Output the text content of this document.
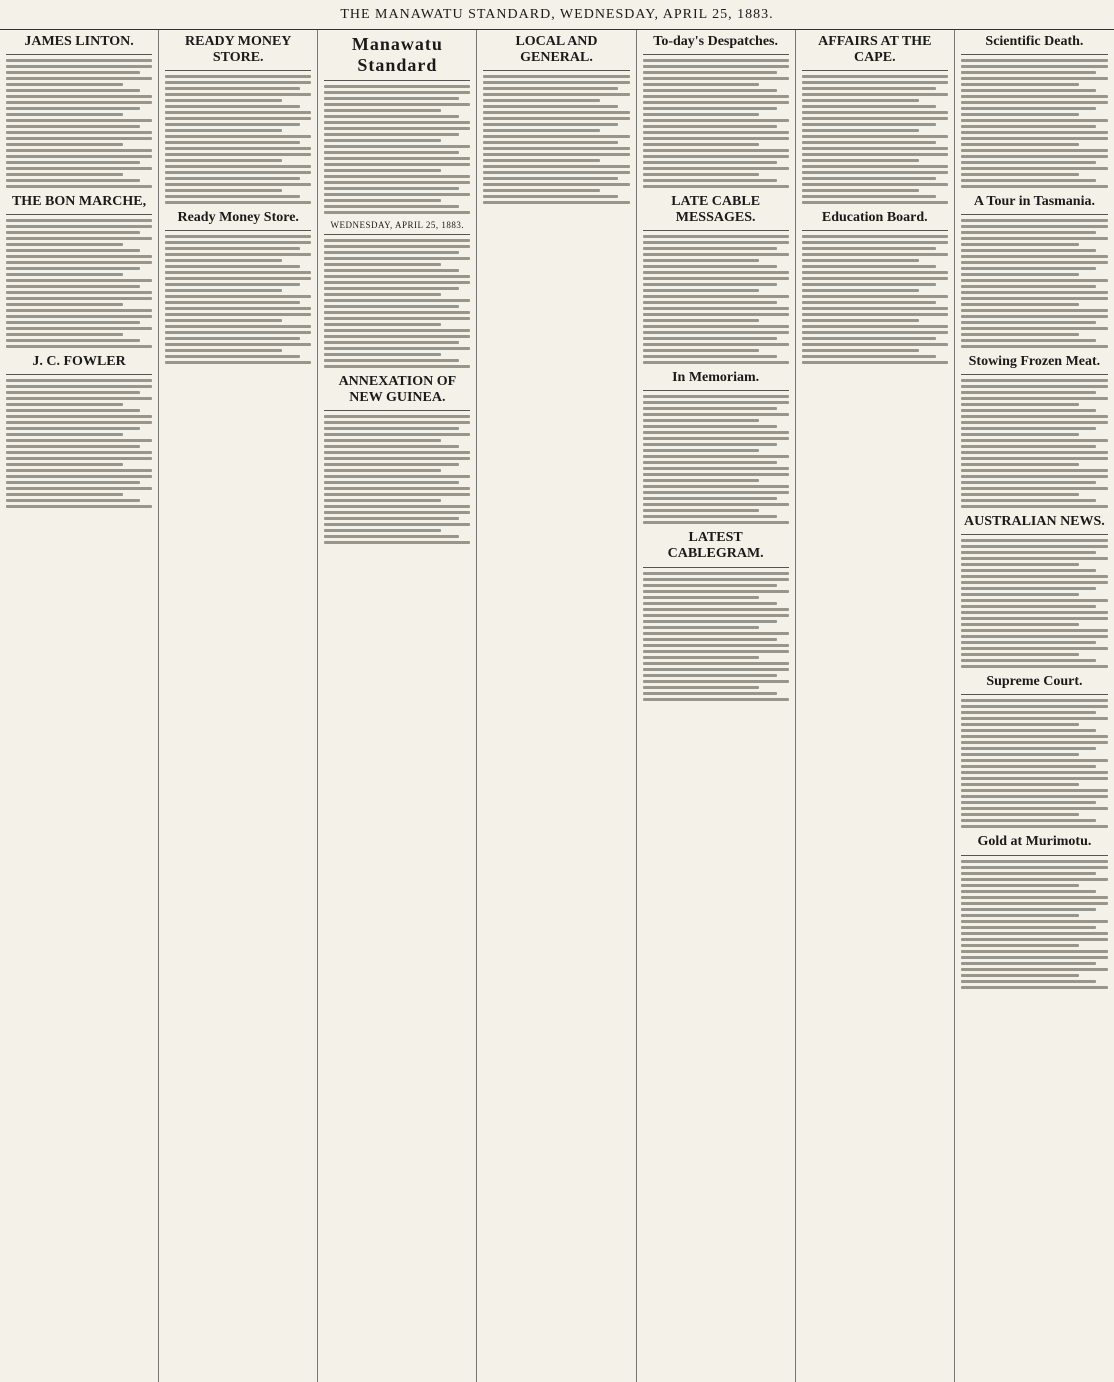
THE MANAWATU STANDARD, WEDNESDAY, APRIL 25, 1883.
JAMES LINTON.
THE BON MARCHE,
J. C. FOWLER
READY MONEY STORE.
Ready Money Store.
Manawatu Standard
WEDNESDAY, APRIL 25, 1883.
ANNEXATION OF NEW GUINEA.
LOCAL AND GENERAL.
To-day's Despatches.
LATE CABLE MESSAGES.
In Memoriam.
LATEST CABLEGRAM.
AFFAIRS AT THE CAPE.
Education Board.
Scientific Death.
A Tour in Tasmania.
Stowing Frozen Meat.
AUSTRALIAN NEWS.
Supreme Court.
Gold at Murimotu.
